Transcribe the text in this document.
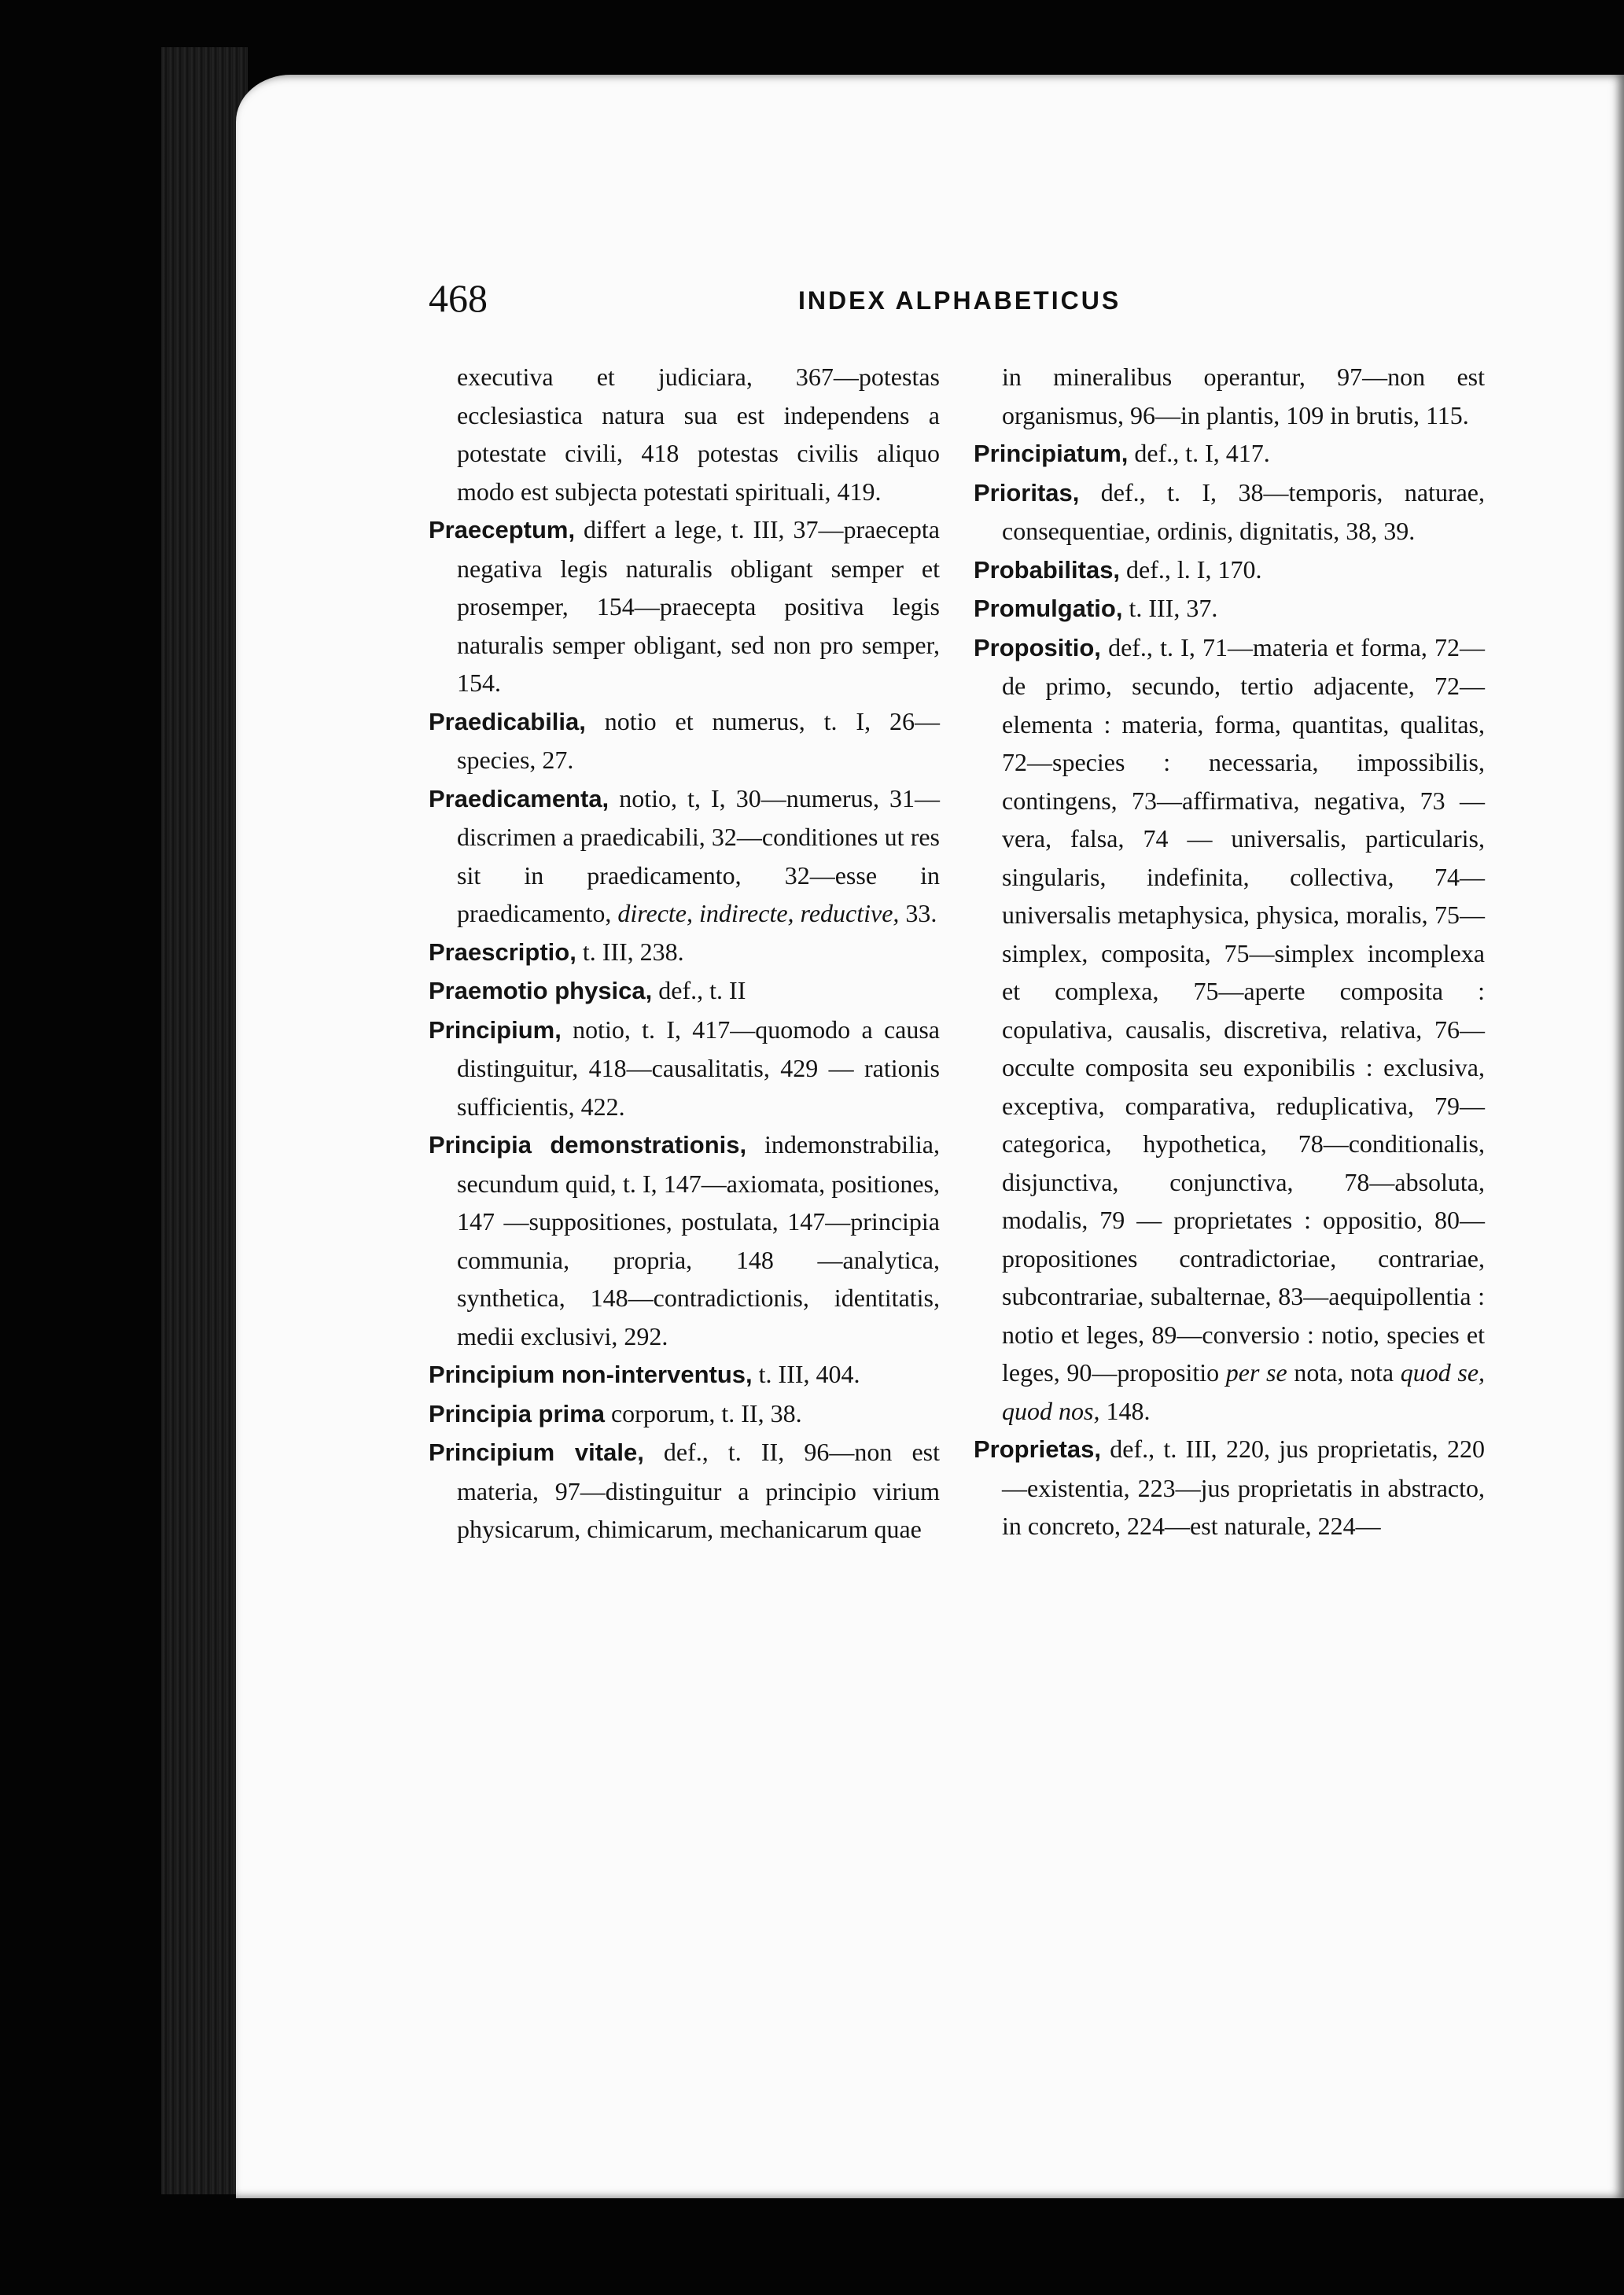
468	INDEX ALPHABETICUS

executiva et judiciara, 367—potestas ecclesiastica natura sua est independens a potestate civili, 418 potestas civilis aliquo modo est subjecta potestati spirituali, 419.

Praeceptum, differt a lege, t. III, 37—praecepta negativa legis naturalis obligant semper et prosemper, 154—praecepta positiva legis naturalis semper obligant, sed non pro semper, 154.

Praedicabilia, notio et numerus, t. I, 26—species, 27.

Praedicamenta, notio, t, I, 30—numerus, 31—discrimen a praedicabili, 32—conditiones ut res sit in praedicamento, 32—esse in praedicamento, directe, indirecte, reductive, 33.

Praescriptio, t. III, 238.

Praemotio physica, def., t. II

Principium, notio, t. I, 417—quomodo a causa distinguitur, 418—causalitatis, 429 — rationis sufficientis, 422.

Principia demonstrationis, indemonstrabilia, secundum quid, t. I, 147—axiomata, positiones, 147 —suppositiones, postulata, 147—principia communia, propria, 148 —analytica, synthetica, 148—contradictionis, identitatis, medii exclusivi, 292.

Principium non-interventus, t. III, 404.

Principia prima corporum, t. II, 38.

Principium vitale, def., t. II, 96—non est materia, 97—distinguitur a principio virium physicarum, chimicarum, mechanicarum quae

in mineralibus operantur, 97—non est organismus, 96—in plantis, 109 in brutis, 115.

Principiatum, def., t. I, 417.

Prioritas, def., t. I, 38—temporis, naturae, consequentiae, ordinis, dignitatis, 38, 39.

Probabilitas, def., l. I, 170.

Promulgatio, t. III, 37.

Propositio, def., t. I, 71—materia et forma, 72—de primo, secundo, tertio adjacente, 72—elementa : materia, forma, quantitas, qualitas, 72—species : necessaria, impossibilis, contingens, 73—affirmativa, negativa, 73 — vera, falsa, 74 — universalis, particularis, singularis, indefinita, collectiva, 74—universalis metaphysica, physica, moralis, 75—simplex, composita, 75—simplex incomplexa et complexa, 75—aperte composita : copulativa, causalis, discretiva, relativa, 76—occulte composita seu exponibilis : exclusiva, exceptiva, comparativa, reduplicativa, 79—categorica, hypothetica, 78—conditionalis, disjunctiva, conjunctiva, 78—absoluta, modalis, 79 — proprietates : oppositio, 80—propositiones contradictoriae, contrariae, subcontrariae, subalternae, 83—aequipollentia : notio et leges, 89—conversio : notio, species et leges, 90—propositio per se nota, nota quod se, quod nos, 148.

Proprietas, def., t. III, 220, jus proprietatis, 220—existentia, 223—jus proprietatis in abstracto, in concreto, 224—est naturale, 224—
